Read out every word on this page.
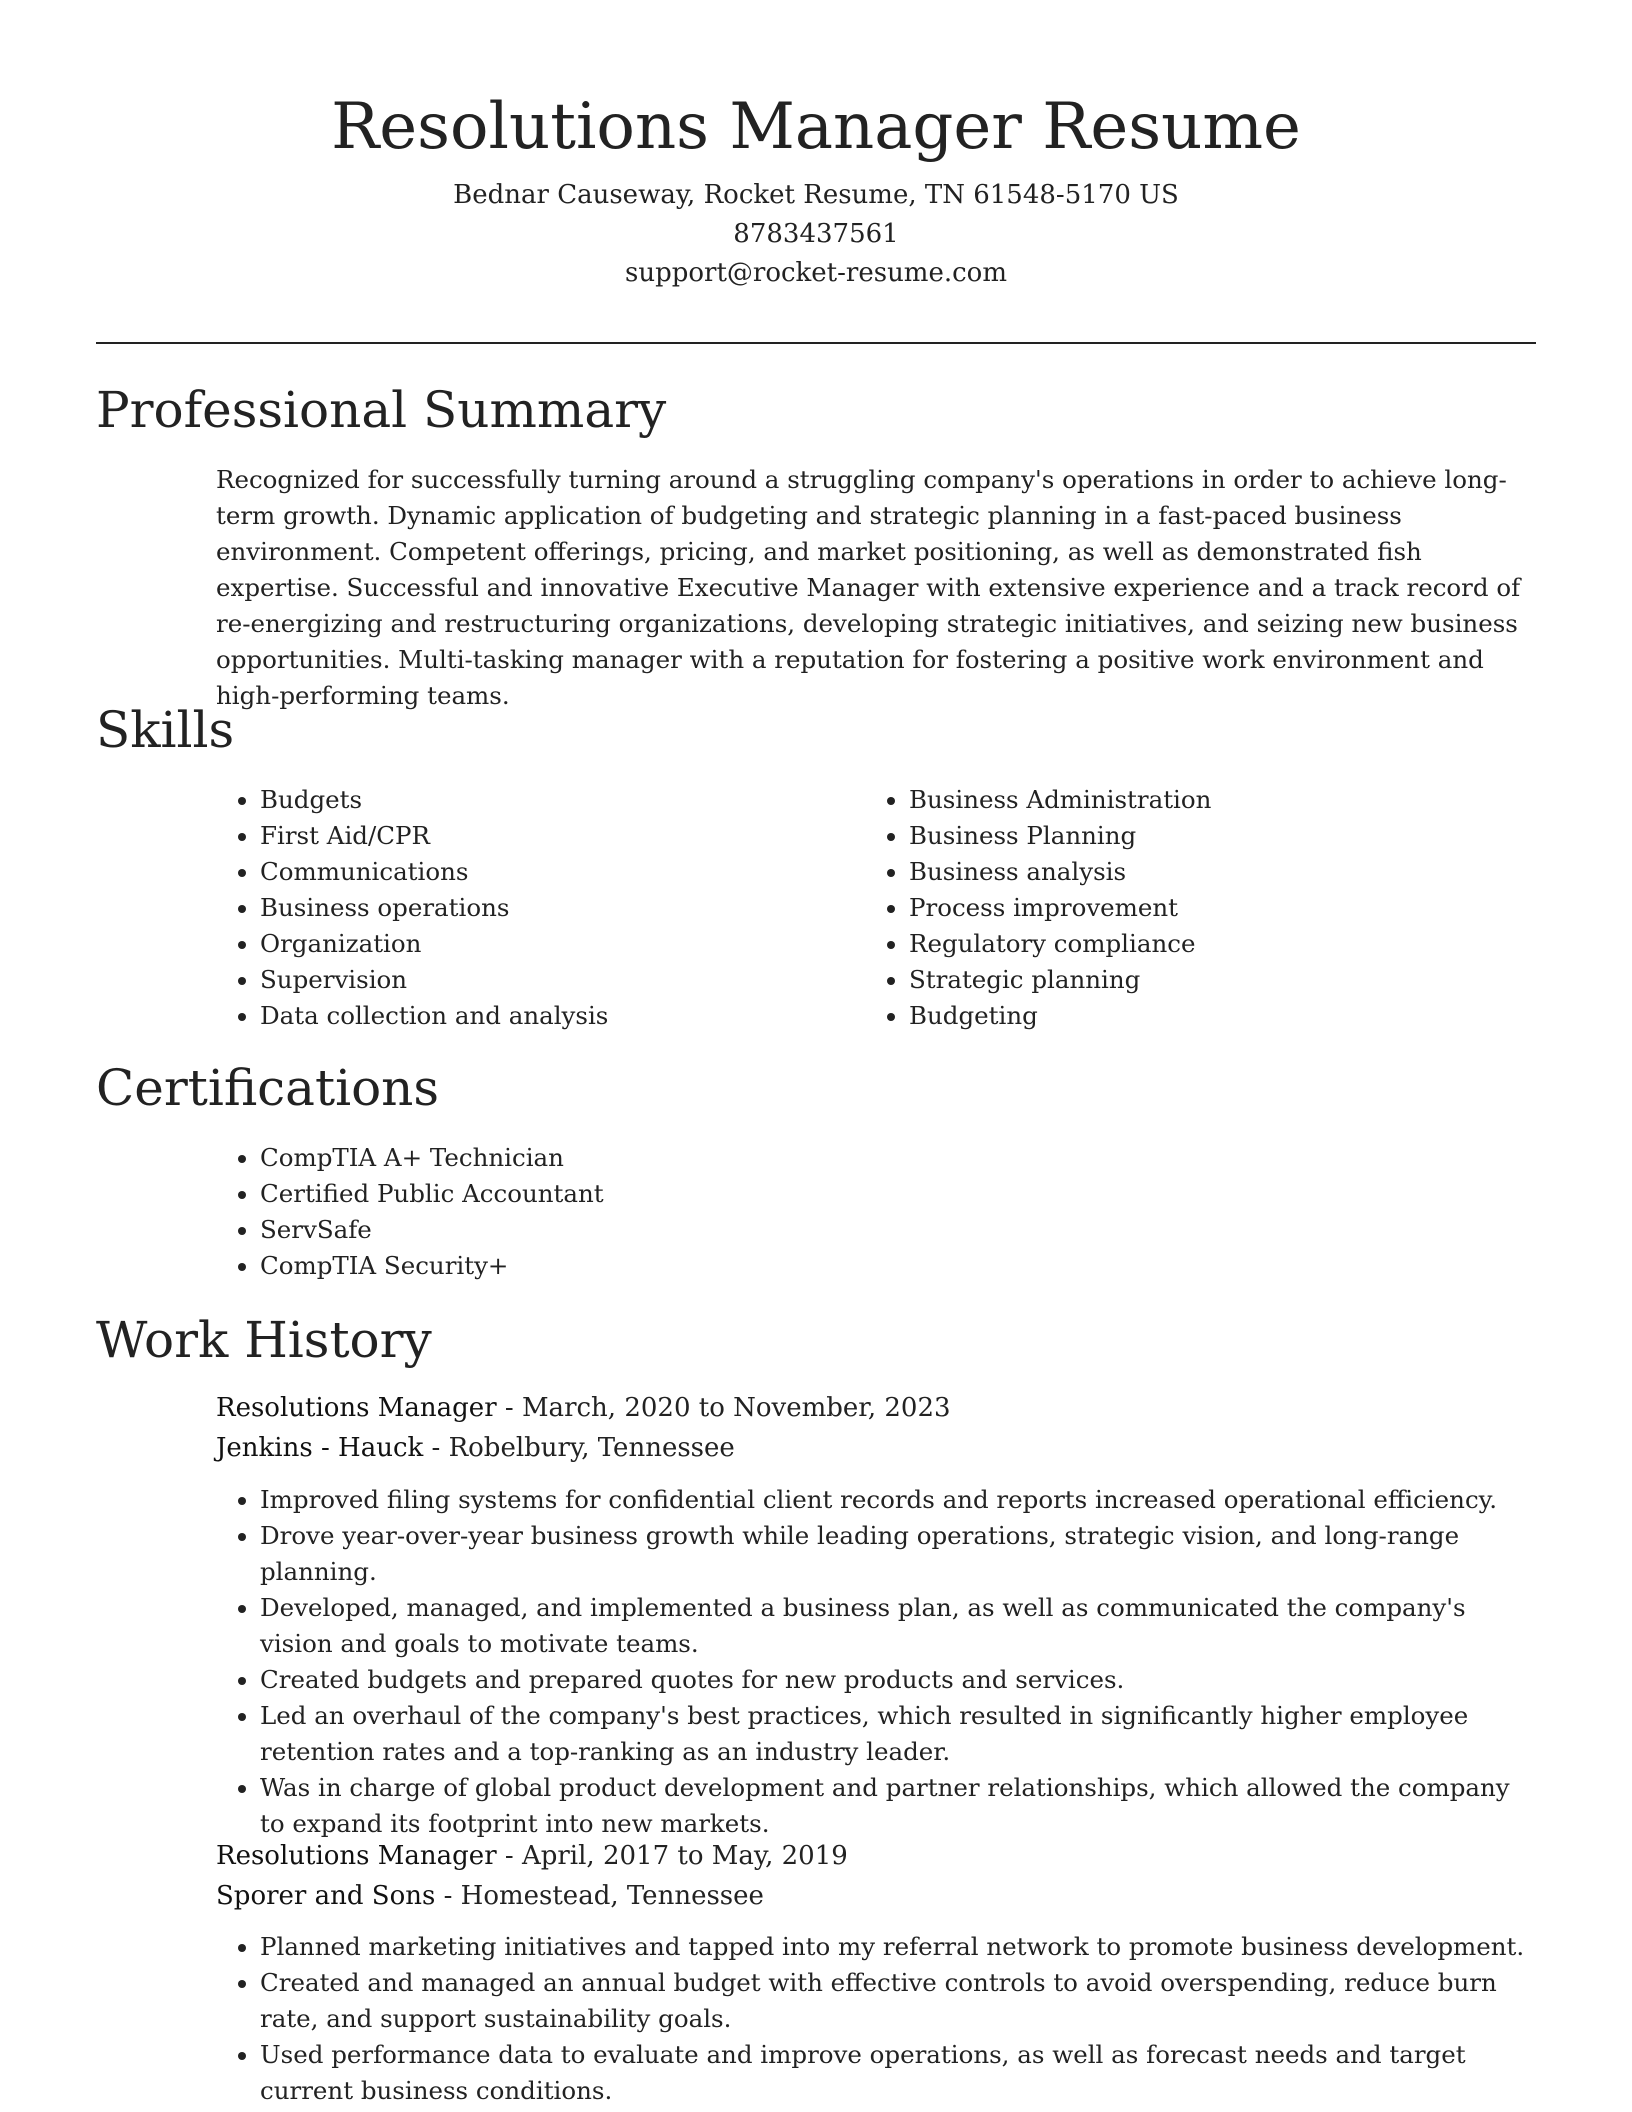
Resolutions Manager Resume
Bednar Causeway, Rocket Resume, TN 61548-5170 US
8783437561
support@rocket-resume.com
Professional Summary

Recognized for successfully turning around a struggling company's operations in order to achieve long-term growth. Dynamic application of budgeting and strategic planning in a fast-paced business environment. Competent offerings, pricing, and market positioning, as well as demonstrated fish expertise. Successful and innovative Executive Manager with extensive experience and a track record of re-energizing and restructuring organizations, developing strategic initiatives, and seizing new business opportunities. Multi-tasking manager with a reputation for fostering a positive work environment and high-performing teams.

Skills
• Budgets
• First Aid/CPR
• Communications
• Business operations
• Organization
• Supervision
• Data collection and analysis
• Business Administration
• Business Planning
• Business analysis
• Process improvement
• Regulatory compliance
• Strategic planning
• Budgeting
Certifications
• CompTIA A+ Technician
• Certified Public Accountant
• ServSafe
• CompTIA Security+
Work History
Resolutions Manager - March, 2020 to November, 2023
Jenkins - Hauck - Robelbury, Tennessee
• Improved filing systems for confidential client records and reports increased operational efficiency.
• Drove year-over-year business growth while leading operations, strategic vision, and long-range planning.
• Developed, managed, and implemented a business plan, as well as communicated the company's vision and goals to motivate teams.
• Created budgets and prepared quotes for new products and services.
• Led an overhaul of the company's best practices, which resulted in significantly higher employee retention rates and a top-ranking as an industry leader.
• Was in charge of global product development and partner relationships, which allowed the company to expand its footprint into new markets.
Resolutions Manager - April, 2017 to May, 2019
Sporer and Sons - Homestead, Tennessee
• Planned marketing initiatives and tapped into my referral network to promote business development.
• Created and managed an annual budget with effective controls to avoid overspending, reduce burn rate, and support sustainability goals.
• Used performance data to evaluate and improve operations, as well as forecast needs and target current business conditions.
